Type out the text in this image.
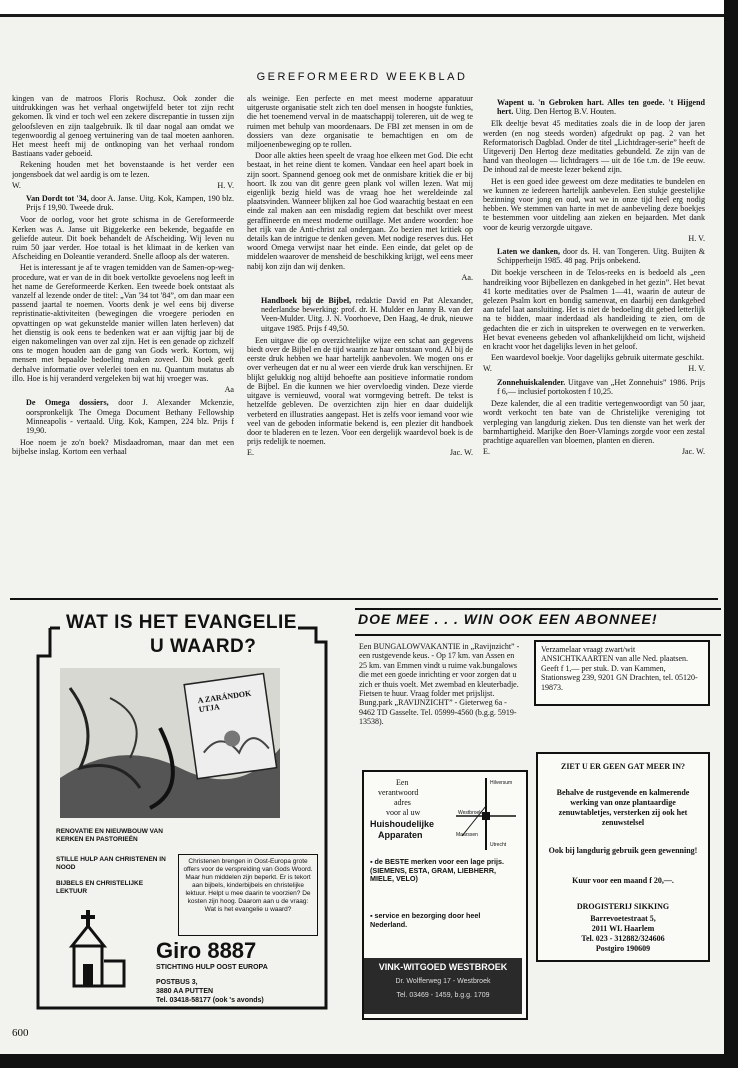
GEREFORMEERD WEEKBLAD

kingen van de matroos Floris Rochusz. Ook zonder die uitdrukkingen was het verhaal ongetwijfeld beter tot zijn recht gekomen. Ik vind er toch wel een zekere discrepantie in tussen zijn geloofsleven en zijn taalgebruik. Ik til daar nogal aan omdat we tegenwoordig al genoeg vertuinering van de taal moeten aanhoren. Het meest heeft mij de ontknoping van het verhaal rondom Bastiaans vader geboeid.

Rekening houden met het bovenstaande is het verder een jongensboek dat wel aardig is om te lezen.

W.	H. V.
Van Dordt tot '34, door A. Janse. Uitg. Kok, Kampen, 190 blz. Prijs f 19,90. Tweede druk.

Voor de oorlog, voor het grote schisma in de Gereformeerde Kerken was A. Janse uit Biggekerke een bekende, begaafde en geliefde auteur. Dit boek behandelt de Afscheiding. Wij leven nu ruim 50 jaar verder. Hoe totaal is het klimaat in de kerken van Afscheiding en Doleantie veranderd. Snelle afloop als der wateren.

Het is interessant je af te vragen temidden van de Samen-op-weg-procedure, wat er van de in dit boek vertolkte gevoelens nog leeft in het name de Gereformeerde Kerken. Een tweede boek ontstaat als vanzelf al lezende onder de titel: „Van '34 tot '84”, om dan maar een passend jaartal te noemen. Voorts denk je wel eens bij diverse repristinatie-aktiviteiten (bewegingen die vroegere perioden en opvattingen op wat gekunstelde manier willen laten herleven) dat het dienstig is ook eens te bedenken wat er aan vijftig jaar bij de eigen nakomelingen van over zal zijn. Het is een genade op zichzelf ons te mogen houden aan de gang van Gods werk. Kortom, wij mensen met bepaalde bedoeling maken zoveel. Dit boek geeft derhalve informatie over velerlei toen en nu. Quantum mutatus ab illo. Hoe is hij veranderd vergeleken bij wat hij vroeger was.

Aa
De Omega dossiers, door J. Alexander Mckenzie, oorspronkelijk The Omega Document Bethany Fellowship Minneapolis - vertaald. Uitg. Kok, Kampen, 224 blz. Prijs f 19,90.

Hoe noem je zo'n boek? Misdaadroman, maar dan met een bijbelse inslag. Kortom een verhaal

als weinige. Een perfecte en met meest moderne apparatuur uitgeruste organisatie stelt zich ten doel mensen in hoogste funkties, die het toenemend verval in de maatschappij tolereren, uit de weg te ruimen met behulp van moordenaars. De FBI zet mensen in om de dossiers van deze organisatie te bemachtigen en om de miljoenenbeweging op te rollen.

Door alle akties heen speelt de vraag hoe elkeen met God. Die echt bestaat, in het reine dient te komen. Vandaar een heel apart boek in zijn soort. Spannend genoeg ook met de onmisbare kritiek die er bij hoort. Ik zou van dit genre geen plank vol willen lezen. Wat mij eigenlijk bezig hield was de vraag hoe het wereldeinde zal plaatsvinden. Wanneer blijken zal hoe God waarachtig bestaat en een einde zal maken aan een misdadig regiem dat beschikt over meest geraffineerde en meest moderne outillage. Met andere woorden: hoe het rijk van de Anti-christ zal ondergaan. Zo bezien met kritiek op details kan de intrigue te denken geven. Met nodige reserves dus. Het woord Omega verwijst naar het einde. Een einde, dat gelet op de middelen waarover de mensheid de beschikking krijgt, wel eens meer nabij kon zijn dan wij denken.

Aa.
Handboek bij de Bijbel, redaktie David en Pat Alexander, nederlandse bewerking: prof. dr. H. Mulder en Janny B. van der Veen-Mulder. Uitg. J. N. Voorhoeve, Den Haag, 4e druk, nieuwe uitgave 1985. Prijs f 49,50.

Een uitgave die op overzichtelijke wijze een schat aan gegevens biedt over de Bijbel en de tijd waarin ze haar ontstaan vond. Al bij de eerste druk hebben we haar hartelijk aanbevolen. We mogen ons er over verheugen dat er nu al weer een vierde druk kan verschijnen. Er blijkt gelukkig nog altijd behoefte aan positieve informatie rondom de Bijbel. En die kunnen we hier overvloedig vinden. Deze vierde uitgave is vernieuwd, vooral wat vormgeving betreft. De tekst is hetzelfde gebleven. De overzichten zijn hier en daar duidelijk verbeterd en illustraties aangepast. Het is zelfs voor iemand voor wie veel van de geboden informatie bekend is, een plezier dit handboek door te bladeren en te lezen. Voor een dergelijk waardevol boek is de prijs redelijk te noemen.

E.	Jac. W.
Wapent u. 'n Gebroken hart. Alles ten goede. 't Hijgend hert. Uitg. Den Hertog B.V. Houten.

Elk deeltje bevat 45 meditaties zoals die in de loop der jaren werden (en nog steeds worden) afgedrukt op pag. 2 van het Reformatorisch Dagblad. Onder de titel „Lichtdrager-serie” heeft de Uitgeverij Den Hertog deze meditaties gebundeld. Ze zijn van de hand van theologen — lichtdragers — uit de 16e t.m. de 19e eeuw. De inhoud zal de meeste lezer bekend zijn.

Het is een goed idee geweest om deze meditaties te bundelen en we kunnen ze iedereen hartelijk aanbevelen. Een stukje geestelijke bezinning voor jong en oud, wat we in onze tijd heel erg nodig hebben. We stemmen van harte in met de aanbeveling deze boekjes te bestemmen voor uitdeling aan zieken en bejaarden. Met dank voor de keurig verzorgde uitgave.

H. V.
Laten we danken, door ds. H. van Tongeren. Uitg. Buijten & Schipperheijn 1985. 48 pag. Prijs onbekend.

Dit boekje verscheen in de Telos-reeks en is bedoeld als „een handreiking voor Bijbellezen en dankgebed in het gezin”. Het bevat 41 korte meditaties over de Psalmen 1—41, waarin de auteur de gelezen Psalm kort en bondig samenvat, en daarbij een dankgebed aan tafel laat aansluiting. Het is niet de bedoeling dit gebed letterlijk na te bidden, maar inderdaad als handleiding te zien, om de gedachten die er zich in uitspreken te overwegen en te verwerken. Het bevat eveneens gebeden vol afhankelijkheid om licht, wijsheid en kracht voor het dagelijks leven in het geloof.

Een waardevol boekje. Voor dagelijks gebruik uitermate geschikt.

W.	H. V.
Zonnehuiskalender. Uitgave van „Het Zonnehuis” 1986. Prijs f 6,— inclusief portokosten f 10,25.

Deze kalender, die al een traditie vertegenwoordigt van 50 jaar, wordt verkocht ten bate van de Christelijke vereniging tot verpleging van langdurig zieken. Dus ten dienste van het werk der barmhartigheid. Marijke den Boer-Vlamings zorgde voor een zestal prachtige aquarellen van bloemen, planten en dieren.

E.	Jac. W.
WAT IS HET EVANGELIE
U WAARD?
A ZARÁNDOK UTJA
RENOVATIE EN NIEUWBOUW VAN KERKEN EN PASTORIEËN
STILLE HULP AAN CHRISTENEN IN NOOD
BIJBELS EN CHRISTELIJKE LEKTUUR
Christenen brengen in Oost-Europa grote offers voor de verspreiding van Gods Woord. Maar hun middelen zijn beperkt. Er is tekort aan bijbels, kinderbijbels en christelijke lektuur. Helpt u mee daarin te voorzien? De kosten zijn hoog. Daarom aan u de vraag: Wat is het evangelie u waard?
Giro 8887
STICHTING HULP OOST EUROPA
POSTBUS 3,
3880 AA PUTTEN
Tel. 03418-58177 (ook 's avonds)
DOE MEE . . . WIN OOK EEN ABONNEE!
Een BUNGALOWVAKANTIE in „Ravijnzicht” - een rustgevende keus. - Op 17 km. van Assen en 25 km. van Emmen vindt u ruime vak.bungalows die met een goede inrichting er voor zorgen dat u zich er thuis voelt. Met zwembad en kleuterbadje. Fietsen te huur. Vraag folder met prijslijst. Bung.park „RAVIJNZICHT” - Gieterweg 6a - 9462 TD Gasselte. Tel. 05999-4560 (b.g.g. 5919-13538).
Verzamelaar vraagt zwart/wit ANSICHTKAARTEN van alle Ned. plaatsen. Geeft f 1,— per stuk. D. van Kammen, Stationsweg 239, 9201 GN Drachten, tel. 05120-19873.
Een
verantwoord
adres
voor al uw
Huishoudelijke
Apparaten
Hilversum
Westbroek
Maarssen
Utrecht
▪ de BESTE merken voor een lage prijs. (SIEMENS, ESTA, GRAM, LIEBHERR, MIELE, VELO)
▪ service en bezorging door heel Nederland.
VINK-WITGOED WESTBROEK
Dr. Wolfferweg 17 - Westbroek
Tel. 03469 - 1459, b.g.g. 1709
ZIET U ER GEEN GAT MEER IN?
Behalve de rustgevende en kalmerende werking van onze plantaardige zenuwtabletjes, versterken zij ook het zenuwstelsel
Ook bij langdurig gebruik geen gewenning!
Kuur voor een maand f 20,—.
DROGISTERIJ SIKKING
Barrevoetestraat 5,
2011 WL Haarlem
Tel. 023 - 312882/324606
Postgiro 190609
600
